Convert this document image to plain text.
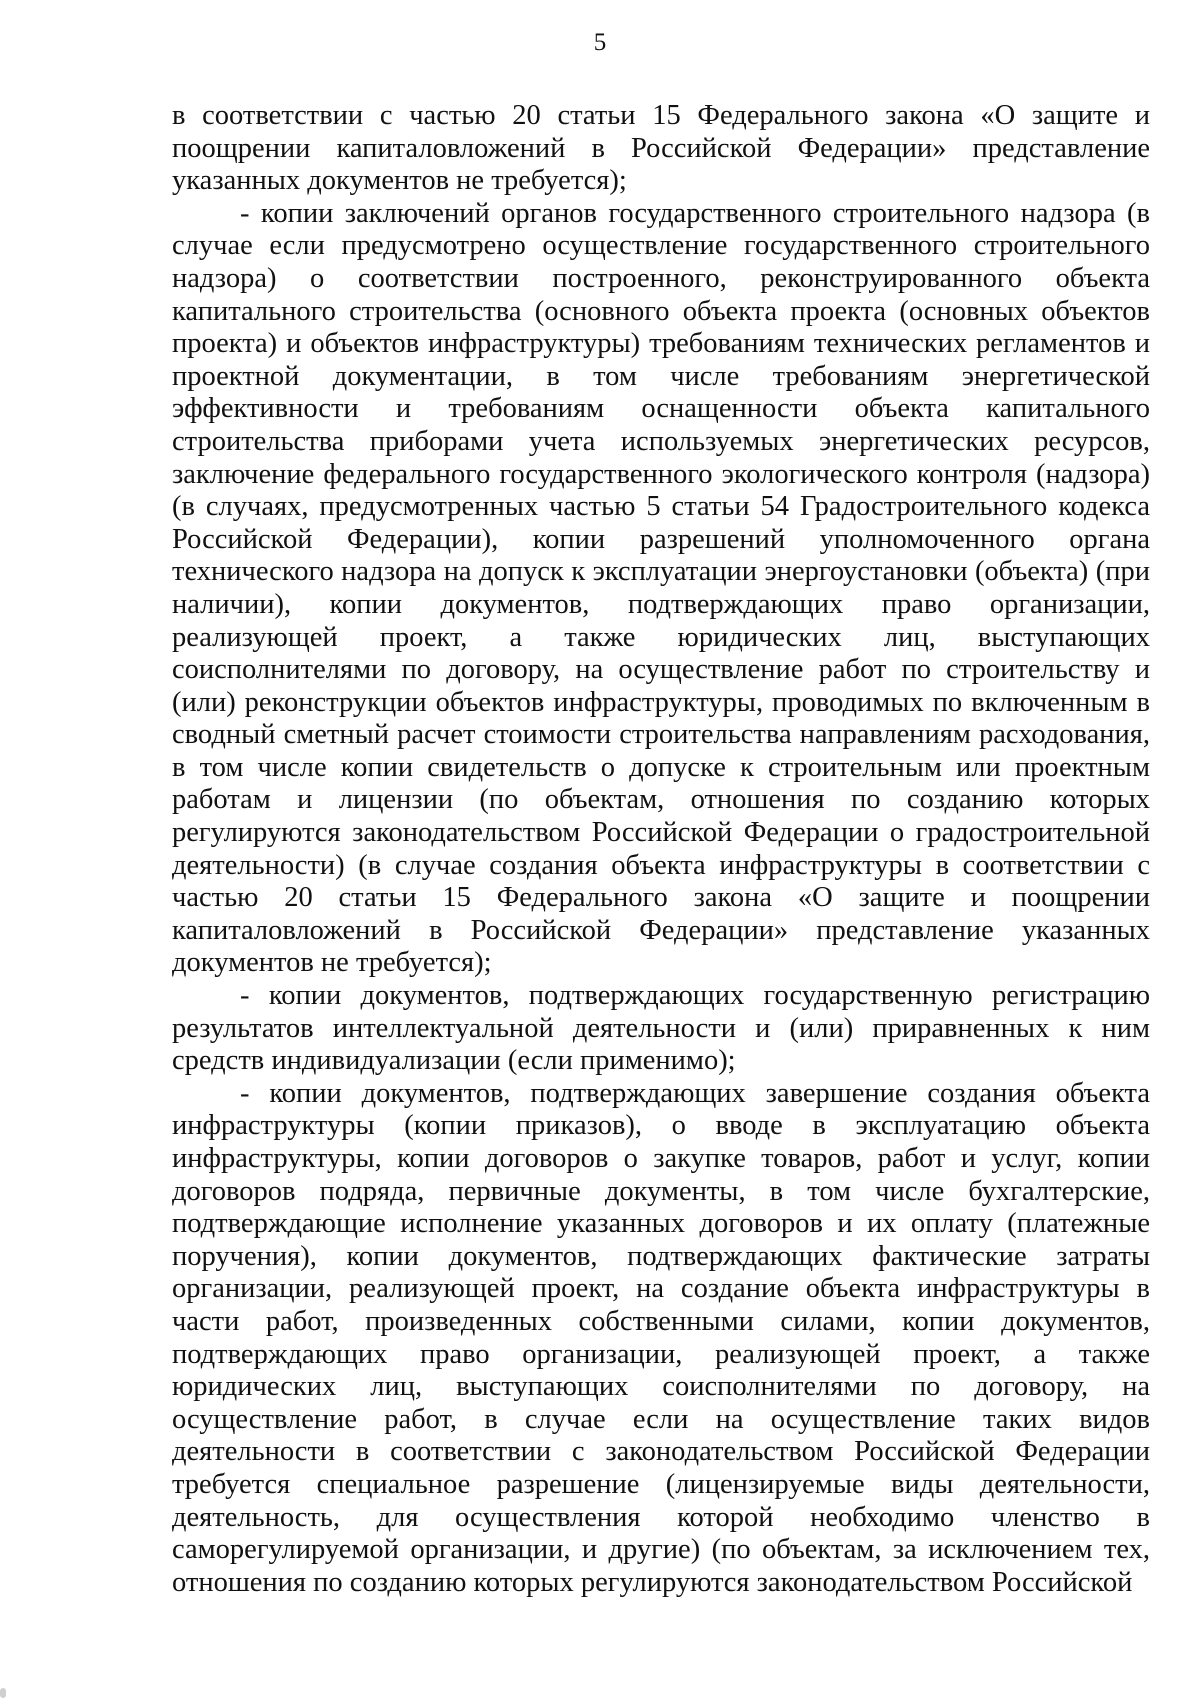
5

в соответствии с частью 20 статьи 15 Федерального закона «О защите и поощрении капиталовложений в Российской Федерации» представление указанных документов не требуется);

- копии заключений органов государственного строительного надзора (в случае если предусмотрено осуществление государственного строительного надзора) о соответствии построенного, реконструированного объекта капитального строительства (основного объекта проекта (основных объектов проекта) и объектов инфраструктуры) требованиям технических регламентов и проектной документации, в том числе требованиям энергетической эффективности и требованиям оснащенности объекта капитального строительства приборами учета используемых энергетических ресурсов, заключение федерального государственного экологического контроля (надзора) (в случаях, предусмотренных частью 5 статьи 54 Градостроительного кодекса Российской Федерации), копии разрешений уполномоченного органа технического надзора на допуск к эксплуатации энергоустановки (объекта) (при наличии), копии документов, подтверждающих право организации, реализующей проект, а также юридических лиц, выступающих соисполнителями по договору, на осуществление работ по строительству и (или) реконструкции объектов инфраструктуры, проводимых по включенным в сводный сметный расчет стоимости строительства направлениям расходования, в том числе копии свидетельств о допуске к строительным или проектным работам и лицензии (по объектам, отношения по созданию которых регулируются законодательством Российской Федерации о градостроительной деятельности) (в случае создания объекта инфраструктуры в соответствии с частью 20 статьи 15 Федерального закона «О защите и поощрении капиталовложений в Российской Федерации» представление указанных документов не требуется);

- копии документов, подтверждающих государственную регистрацию результатов интеллектуальной деятельности и (или) приравненных к ним средств индивидуализации (если применимо);

- копии документов, подтверждающих завершение создания объекта инфраструктуры (копии приказов), о вводе в эксплуатацию объекта инфраструктуры, копии договоров о закупке товаров, работ и услуг, копии договоров подряда, первичные документы, в том числе бухгалтерские, подтверждающие исполнение указанных договоров и их оплату (платежные поручения), копии документов, подтверждающих фактические затраты организации, реализующей проект, на создание объекта инфраструктуры в части работ, произведенных собственными силами, копии документов, подтверждающих право организации, реализующей проект, а также юридических лиц, выступающих соисполнителями по договору, на осуществление работ, в случае если на осуществление таких видов деятельности в соответствии с законодательством Российской Федерации требуется специальное разрешение (лицензируемые виды деятельности, деятельность, для осуществления которой необходимо членство в саморегулируемой организации, и другие) (по объектам, за исключением тех, отношения по созданию которых регулируются законодательством Российской
